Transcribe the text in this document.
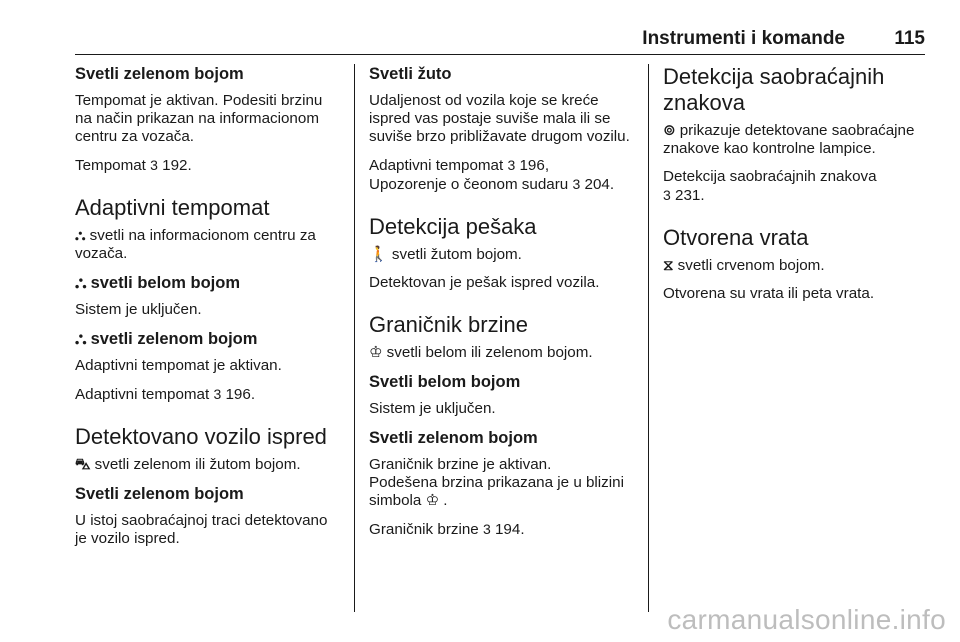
Instrumenti i komande	115
Svetli zelenom bojom

Tempomat je aktivan. Podesiti brzinu na način prikazan na informacionom centru za vozača.

Tempomat 3 192.

Adaptivni tempomat

⛬ svetli na informacionom centru za vozača.

⛬ svetli belom bojom

Sistem je uključen.

⛬ svetli zelenom bojom

Adaptivni tempomat je aktivan.

Adaptivni tempomat 3 196.

Detektovano vozilo ispred

⛍ svetli zelenom ili žutom bojom.

Svetli zelenom bojom

U istoj saobraćajnoj traci detektovano je vozilo ispred.

Svetli žuto

Udaljenost od vozila koje se kreće ispred vas postaje suviše mala ili se suviše brzo približavate drugom vozilu.

Adaptivni tempomat 3 196,
Upozorenje o čeonom sudaru 3 204.

Detekcija pešaka

🚶 svetli žutom bojom.

Detektovan je pešak ispred vozila.

Graničnik brzine

♔ svetli belom ili zelenom bojom.

Svetli belom bojom

Sistem je uključen.

Svetli zelenom bojom

Graničnik brzine je aktivan.
Podešena brzina prikazana je u blizini simbola ♔ .

Graničnik brzine 3 194.

Detekcija saobraćajnih znakova

⊚ prikazuje detektovane saobraćajne znakove kao kontrolne lampice.

Detekcija saobraćajnih znakova
3 231.

Otvorena vrata

⧖ svetli crvenom bojom.

Otvorena su vrata ili peta vrata.

carmanualsonline.info
